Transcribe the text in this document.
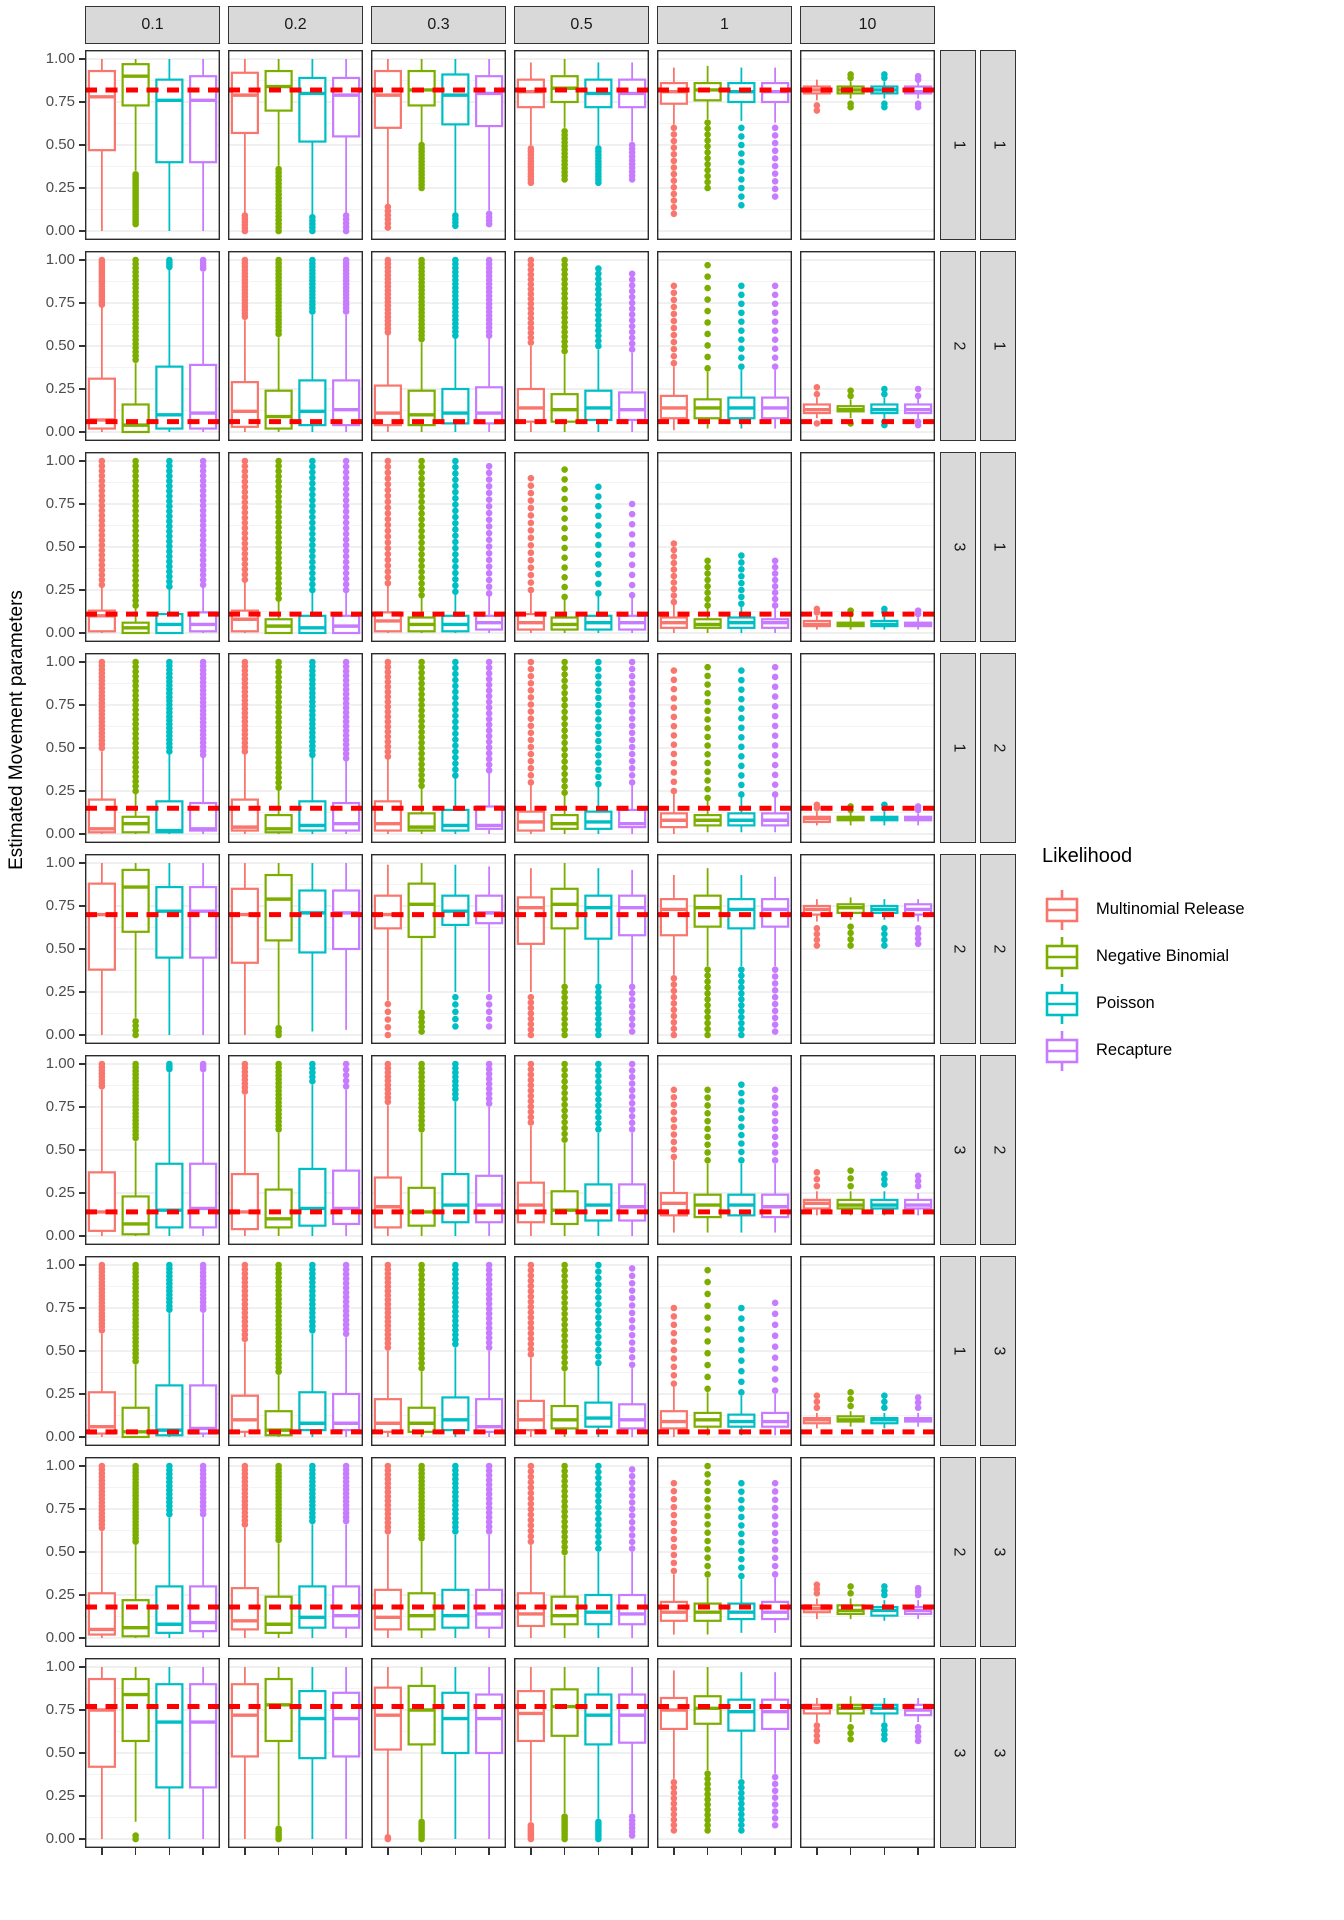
Estimated Movement parameters
0.1	0.2	0.3	0.5	1	10
1.00
0.75
0.50
0.25
0.00
1 1
1.00
0.75
0.50
0.25
0.00
2 1
1.00
0.75
0.50
0.25
0.00
3 1
1.00
0.75
0.50
0.25
0.00
1 2
1.00
0.75
0.50
0.25
0.00
2 2
1.00
0.75
0.50
0.25
0.00
3 2
1.00
0.75
0.50
0.25
0.00
1 3
1.00
0.75
0.50
0.25
0.00
2 3
1.00
0.75
0.50
0.25
0.00
3 3
Likelihood
Multinomial Release
Negative Binomial
Poisson
Recapture
